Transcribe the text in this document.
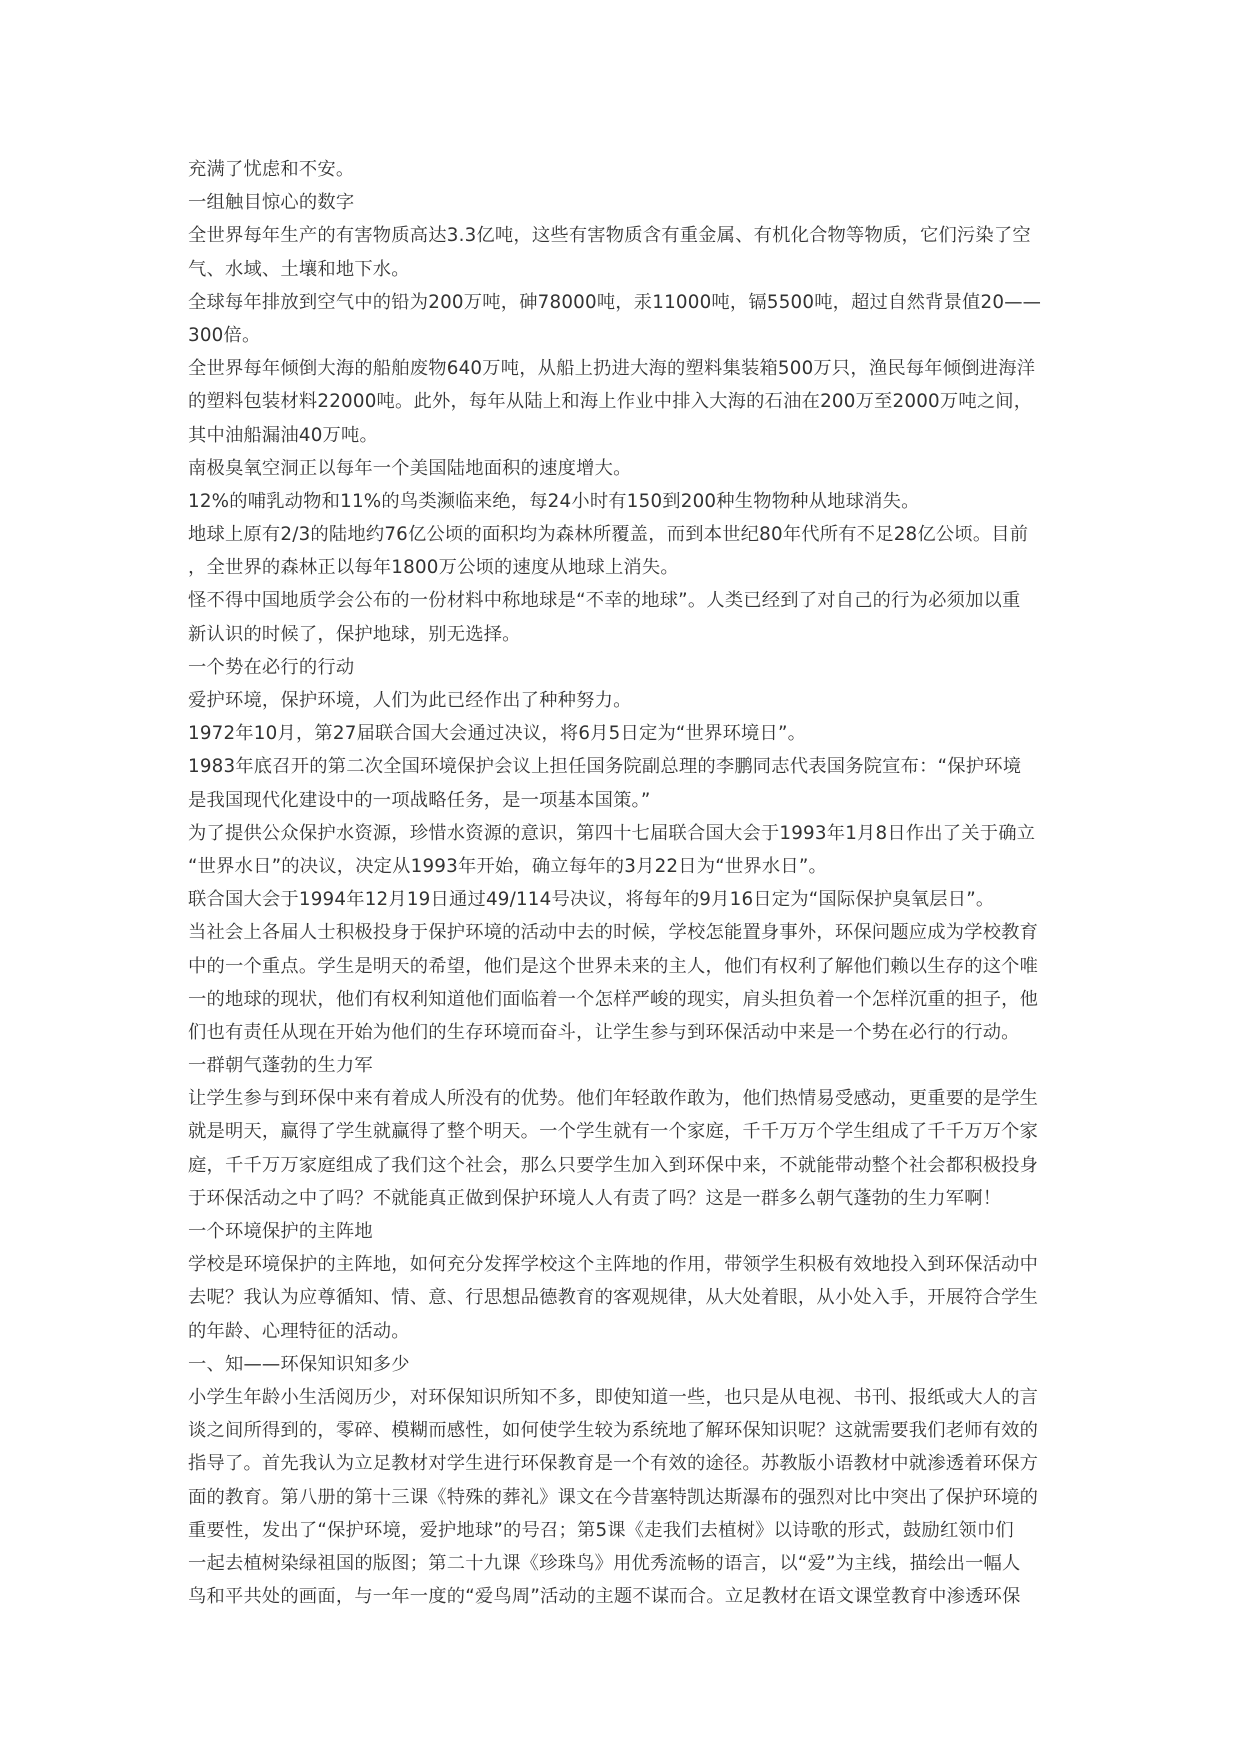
充满了忧虑和不安。
一组触目惊心的数字
全世界每年生产的有害物质高达3.3亿吨，这些有害物质含有重金属、有机化合物等物质，它们污染了空
气、水域、土壤和地下水。
全球每年排放到空气中的铅为200万吨，砷78000吨，汞11000吨，镉5500吨，超过自然背景值20——
300倍。
全世界每年倾倒大海的船舶废物640万吨，从船上扔进大海的塑料集装箱500万只，渔民每年倾倒进海洋
的塑料包装材料22000吨。此外，每年从陆上和海上作业中排入大海的石油在200万至2000万吨之间，
其中油船漏油40万吨。
南极臭氧空洞正以每年一个美国陆地面积的速度增大。
12%的哺乳动物和11%的鸟类濒临来绝，每24小时有150到200种生物物种从地球消失。
地球上原有2/3的陆地约76亿公顷的面积均为森林所覆盖，而到本世纪80年代所有不足28亿公顷。目前
，全世界的森林正以每年1800万公顷的速度从地球上消失。
怪不得中国地质学会公布的一份材料中称地球是“不幸的地球”。人类已经到了对自己的行为必须加以重
新认识的时候了，保护地球，别无选择。
一个势在必行的行动
爱护环境，保护环境，人们为此已经作出了种种努力。
1972年10月，第27届联合国大会通过决议，将6月5日定为“世界环境日”。
1983年底召开的第二次全国环境保护会议上担任国务院副总理的李鹏同志代表国务院宣布：“保护环境
是我国现代化建设中的一项战略任务，是一项基本国策。”
为了提供公众保护水资源，珍惜水资源的意识，第四十七届联合国大会于1993年1月8日作出了关于确立
“世界水日”的决议，决定从1993年开始，确立每年的3月22日为“世界水日”。
联合国大会于1994年12月19日通过49/114号决议，将每年的9月16日定为“国际保护臭氧层日”。
当社会上各届人士积极投身于保护环境的活动中去的时候，学校怎能置身事外，环保问题应成为学校教育
中的一个重点。学生是明天的希望，他们是这个世界未来的主人，他们有权利了解他们赖以生存的这个唯
一的地球的现状，他们有权利知道他们面临着一个怎样严峻的现实，肩头担负着一个怎样沉重的担子，他
们也有责任从现在开始为他们的生存环境而奋斗，让学生参与到环保活动中来是一个势在必行的行动。
一群朝气蓬勃的生力军
让学生参与到环保中来有着成人所没有的优势。他们年轻敢作敢为，他们热情易受感动，更重要的是学生
就是明天，赢得了学生就赢得了整个明天。一个学生就有一个家庭，千千万万个学生组成了千千万万个家
庭，千千万万家庭组成了我们这个社会，那么只要学生加入到环保中来，不就能带动整个社会都积极投身
于环保活动之中了吗？不就能真正做到保护环境人人有责了吗？这是一群多么朝气蓬勃的生力军啊！
一个环境保护的主阵地
学校是环境保护的主阵地，如何充分发挥学校这个主阵地的作用，带领学生积极有效地投入到环保活动中
去呢？我认为应尊循知、情、意、行思想品德教育的客观规律，从大处着眼，从小处入手，开展符合学生
的年龄、心理特征的活动。
一、知——环保知识知多少
小学生年龄小生活阅历少，对环保知识所知不多，即使知道一些，也只是从电视、书刊、报纸或大人的言
谈之间所得到的，零碎、模糊而感性，如何使学生较为系统地了解环保知识呢？这就需要我们老师有效的
指导了。首先我认为立足教材对学生进行环保教育是一个有效的途径。苏教版小语教材中就渗透着环保方
面的教育。第八册的第十三课《特殊的葬礼》课文在今昔塞特凯达斯瀑布的强烈对比中突出了保护环境的
重要性，发出了“保护环境，爱护地球”的号召；第5课《走我们去植树》以诗歌的形式，鼓励红领巾们
一起去植树染绿祖国的版图；第二十九课《珍珠鸟》用优秀流畅的语言，以“爱”为主线，描绘出一幅人
鸟和平共处的画面，与一年一度的“爱鸟周”活动的主题不谋而合。立足教材在语文课堂教育中渗透环保
